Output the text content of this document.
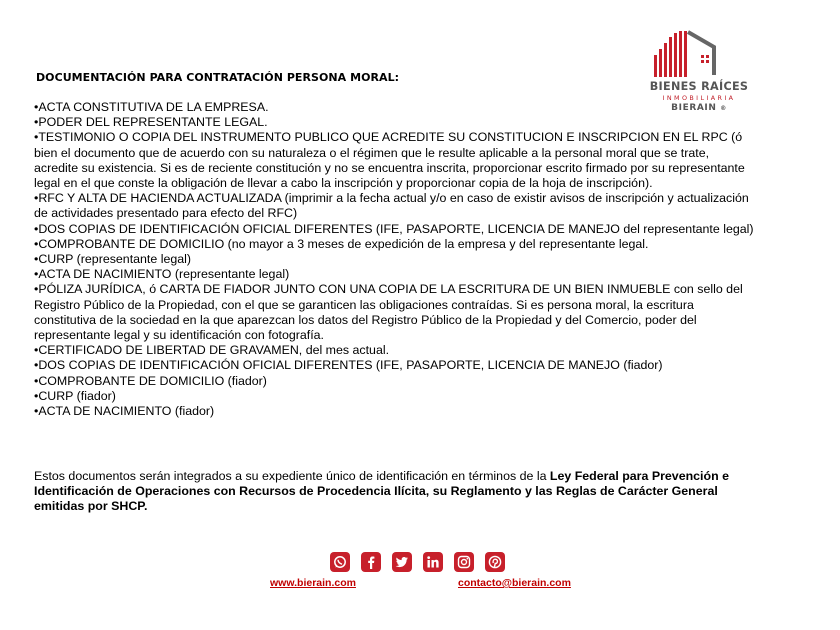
DOCUMENTACIÓN PARA CONTRATACIÓN PERSONA MORAL:
BIENES RAÍCES
INMOBILIARIA
BIERAIN ®
•ACTA CONSTITUTIVA DE LA EMPRESA.
•PODER DEL REPRESENTANTE LEGAL.
•TESTIMONIO O COPIA DEL INSTRUMENTO PUBLICO QUE ACREDITE SU CONSTITUCION E INSCRIPCION EN EL RPC (ó bien el documento que de acuerdo con su naturaleza o el régimen que le resulte aplicable a la personal moral que se trate, acredite su existencia. Si es de reciente constitución y no se encuentra inscrita, proporcionar escrito firmado por su representante legal en el que conste la obligación de llevar a cabo la inscripción y proporcionar copia de la hoja de inscripción).
•RFC Y ALTA DE HACIENDA ACTUALIZADA (imprimir a la fecha actual y/o en caso de existir avisos de inscripción y actualización de actividades presentado para efecto del RFC)
•DOS COPIAS DE IDENTIFICACIÓN OFICIAL DIFERENTES (IFE, PASAPORTE, LICENCIA DE MANEJO del representante legal)
•COMPROBANTE DE DOMICILIO (no mayor a 3 meses de expedición de la empresa y del representante legal.
•CURP (representante legal)
•ACTA DE NACIMIENTO (representante legal)
•PÓLIZA JURÍDICA, ó CARTA DE FIADOR JUNTO CON UNA COPIA DE LA ESCRITURA DE UN BIEN INMUEBLE con sello del Registro Público de la Propiedad, con el que se garanticen las obligaciones contraídas. Si es persona moral, la escritura constitutiva de la sociedad en la que aparezcan los datos del Registro Público de la Propiedad y del Comercio, poder del representante legal y su identificación con fotografía.
•CERTIFICADO DE LIBERTAD DE GRAVAMEN, del mes actual.
•DOS COPIAS DE IDENTIFICACIÓN OFICIAL DIFERENTES (IFE, PASAPORTE, LICENCIA DE MANEJO (fiador)
•COMPROBANTE DE DOMICILIO (fiador)
•CURP (fiador)
•ACTA DE NACIMIENTO (fiador)
Estos documentos serán integrados a su expediente único de identificación en términos de la Ley Federal para Prevención e Identificación de Operaciones con Recursos de Procedencia Ilícita, su Reglamento y las Reglas de Carácter General emitidas por SHCP.
www.bierain.com	contacto@bierain.com
